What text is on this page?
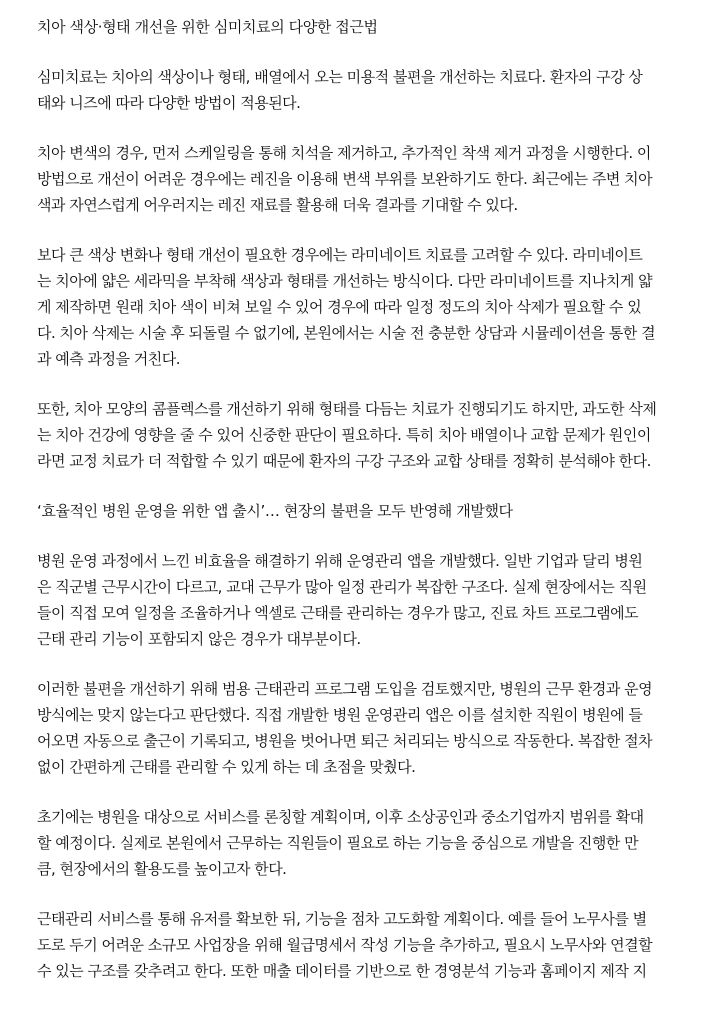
치아 색상·형태 개선을 위한 심미치료의 다양한 접근법
심미치료는 치아의 색상이나 형태, 배열에서 오는 미용적 불편을 개선하는 치료다. 환자의 구강 상
태와 니즈에 따라 다양한 방법이 적용된다.
치아 변색의 경우, 먼저 스케일링을 통해 치석을 제거하고, 추가적인 착색 제거 과정을 시행한다. 이
방법으로 개선이 어려운 경우에는 레진을 이용해 변색 부위를 보완하기도 한다. 최근에는 주변 치아
색과 자연스럽게 어우러지는 레진 재료를 활용해 더욱 결과를 기대할 수 있다.
보다 큰 색상 변화나 형태 개선이 필요한 경우에는 라미네이트 치료를 고려할 수 있다. 라미네이트
는 치아에 얇은 세라믹을 부착해 색상과 형태를 개선하는 방식이다. 다만 라미네이트를 지나치게 얇
게 제작하면 원래 치아 색이 비쳐 보일 수 있어 경우에 따라 일정 정도의 치아 삭제가 필요할 수 있
다. 치아 삭제는 시술 후 되돌릴 수 없기에, 본원에서는 시술 전 충분한 상담과 시뮬레이션을 통한 결
과 예측 과정을 거친다.
또한, 치아 모양의 콤플렉스를 개선하기 위해 형태를 다듬는 치료가 진행되기도 하지만, 과도한 삭제
는 치아 건강에 영향을 줄 수 있어 신중한 판단이 필요하다. 특히 치아 배열이나 교합 문제가 원인이
라면 교정 치료가 더 적합할 수 있기 때문에 환자의 구강 구조와 교합 상태를 정확히 분석해야 한다.
‘효율적인 병원 운영을 위한 앱 출시’… 현장의 불편을 모두 반영해 개발했다
병원 운영 과정에서 느낀 비효율을 해결하기 위해 운영관리 앱을 개발했다. 일반 기업과 달리 병원
은 직군별 근무시간이 다르고, 교대 근무가 많아 일정 관리가 복잡한 구조다. 실제 현장에서는 직원
들이 직접 모여 일정을 조율하거나 엑셀로 근태를 관리하는 경우가 많고, 진료 차트 프로그램에도
근태 관리 기능이 포함되지 않은 경우가 대부분이다.
이러한 불편을 개선하기 위해 범용 근태관리 프로그램 도입을 검토했지만, 병원의 근무 환경과 운영
방식에는 맞지 않는다고 판단했다. 직접 개발한 병원 운영관리 앱은 이를 설치한 직원이 병원에 들
어오면 자동으로 출근이 기록되고, 병원을 벗어나면 퇴근 처리되는 방식으로 작동한다. 복잡한 절차
없이 간편하게 근태를 관리할 수 있게 하는 데 초점을 맞췄다.
초기에는 병원을 대상으로 서비스를 론칭할 계획이며, 이후 소상공인과 중소기업까지 범위를 확대
할 예정이다. 실제로 본원에서 근무하는 직원들이 필요로 하는 기능을 중심으로 개발을 진행한 만
큼, 현장에서의 활용도를 높이고자 한다.
근태관리 서비스를 통해 유저를 확보한 뒤, 기능을 점차 고도화할 계획이다. 예를 들어 노무사를 별
도로 두기 어려운 소규모 사업장을 위해 월급명세서 작성 기능을 추가하고, 필요시 노무사와 연결할
수 있는 구조를 갖추려고 한다. 또한 매출 데이터를 기반으로 한 경영분석 기능과 홈페이지 제작 지
